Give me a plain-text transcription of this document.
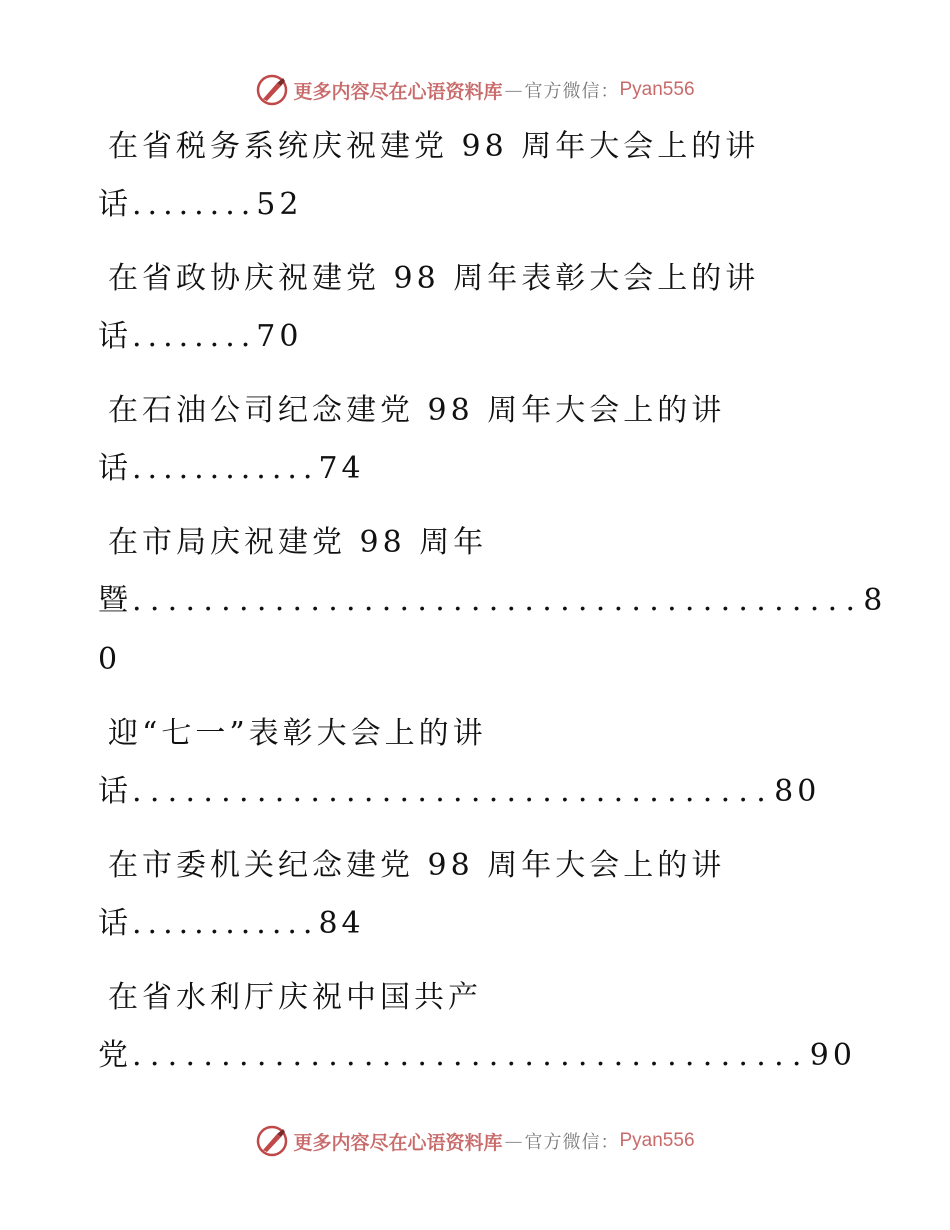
更多内容尽在心语资料库 — 官方微信： Pyan556
在省税务系统庆祝建党 98 周年大会上的讲
话........52
在省政协庆祝建党 98 周年表彰大会上的讲
话........70
在石油公司纪念建党 98 周年大会上的讲
话............74
在市局庆祝建党 98 周年
暨.........................................8
0
迎“七一”表彰大会上的讲
话....................................80
在市委机关纪念建党 98 周年大会上的讲
话............84
在省水利厅庆祝中国共产
党......................................90
更多内容尽在心语资料库 — 官方微信： Pyan556
